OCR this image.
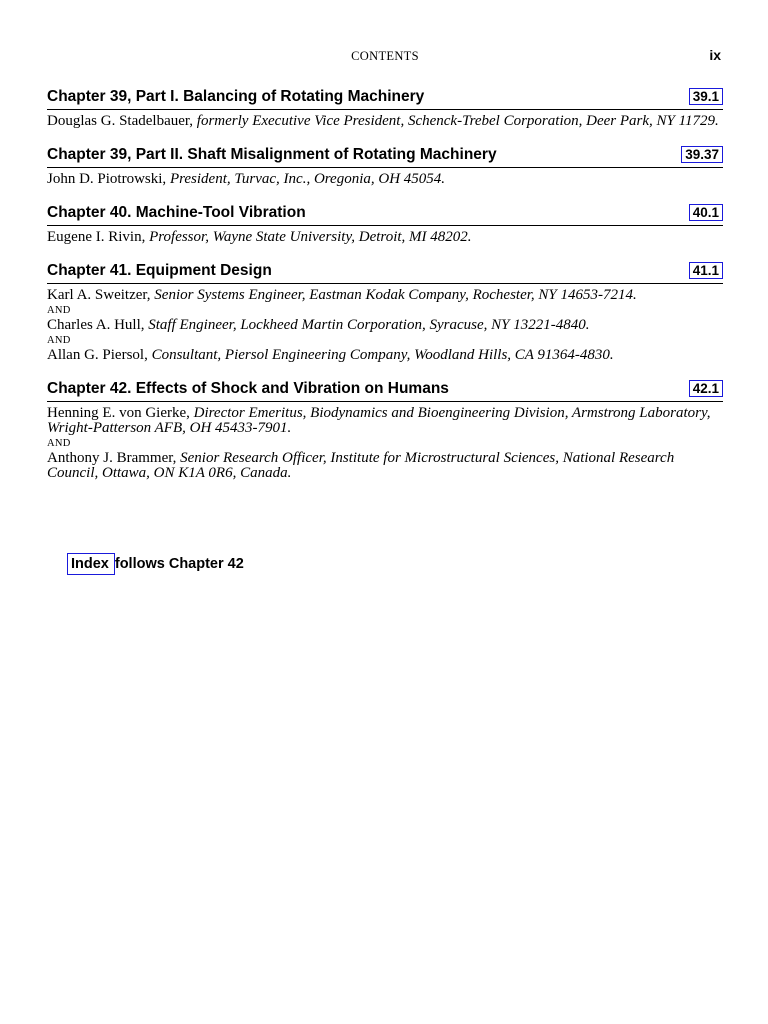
CONTENTS	ix
Chapter 39, Part I. Balancing of Rotating Machinery	39.1
Douglas G. Stadelbauer, formerly Executive Vice President, Schenck-Trebel Corporation, Deer Park, NY 11729.
Chapter 39, Part II. Shaft Misalignment of Rotating Machinery	39.37
John D. Piotrowski, President, Turvac, Inc., Oregonia, OH 45054.
Chapter 40. Machine-Tool Vibration	40.1
Eugene I. Rivin, Professor, Wayne State University, Detroit, MI 48202.
Chapter 41. Equipment Design	41.1
Karl A. Sweitzer, Senior Systems Engineer, Eastman Kodak Company, Rochester, NY 14653-7214.
AND
Charles A. Hull, Staff Engineer, Lockheed Martin Corporation, Syracuse, NY 13221-4840.
AND
Allan G. Piersol, Consultant, Piersol Engineering Company, Woodland Hills, CA 91364-4830.
Chapter 42. Effects of Shock and Vibration on Humans	42.1
Henning E. von Gierke, Director Emeritus, Biodynamics and Bioengineering Division, Armstrong Laboratory, Wright-Patterson AFB, OH 45433-7901.
AND
Anthony J. Brammer, Senior Research Officer, Institute for Microstructural Sciences, National Research Council, Ottawa, ON K1A 0R6, Canada.
Index follows Chapter 42
